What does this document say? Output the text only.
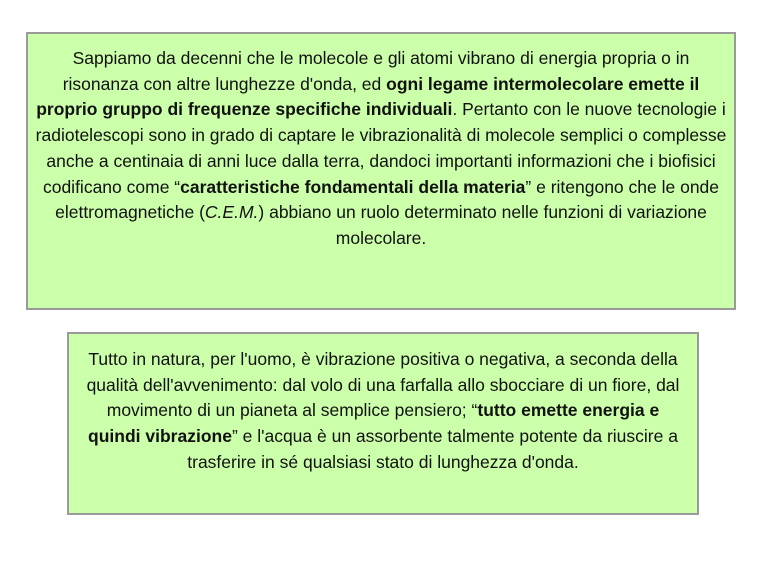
Sappiamo da decenni che le molecole e gli atomi vibrano di energia propria o in risonanza con altre lunghezze d'onda, ed ogni legame intermolecolare emette il proprio gruppo di frequenze specifiche individuali. Pertanto con le nuove tecnologie i radiotelescopi sono in grado di captare le vibrazionalità di molecole semplici o complesse anche a centinaia di anni luce dalla terra, dandoci importanti informazioni che i biofisici codificano come “caratteristiche fondamentali della materia” e ritengono che le onde elettromagnetiche (C.E.M.) abbiano un ruolo determinato nelle funzioni di variazione molecolare.
Tutto in natura, per l'uomo, è vibrazione positiva o negativa, a seconda della qualità dell'avvenimento: dal volo di una farfalla allo sbocciare di un fiore, dal movimento di un pianeta al semplice pensiero; “tutto emette energia e quindi vibrazione” e l'acqua è un assorbente talmente potente da riuscire a trasferire in sé qualsiasi stato di lunghezza d'onda.
